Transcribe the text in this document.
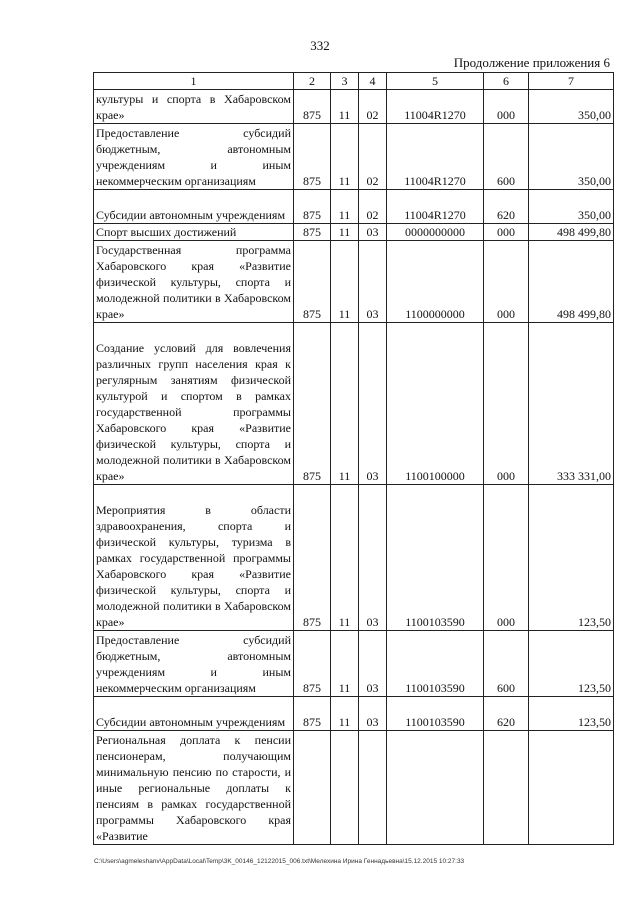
332
Продолжение приложения 6
1	2	3	4	5	6	7
культуры и спорта в Хабаровском крае»	875	11	02	11004R1270	000	350,00
Предоставление субсидий бюджетным, автономным учреждениям и иным некоммерческим организациям	875	11	02	11004R1270	600	350,00
Субсидии автономным учреждениям	875	11	02	11004R1270	620	350,00
Спорт высших достижений	875	11	03	0000000000	000	498 499,80
Государственная программа Хабаровского края «Развитие физической культуры, спорта и молодежной политики в Хабаровском крае»	875	11	03	1100000000	000	498 499,80
Создание условий для вовлечения различных групп населения края к регулярным занятиям физической культурой и спортом в рамках государственной программы Хабаровского края «Развитие физической культуры, спорта и молодежной политики в Хабаровском крае»	875	11	03	1100100000	000	333 331,00
Мероприятия в области здравоохранения, спорта и физической культуры, туризма в рамках государственной программы Хабаровского края «Развитие физической культуры, спорта и молодежной политики в Хабаровском крае»	875	11	03	1100103590	000	123,50
Предоставление субсидий бюджетным, автономным учреждениям и иным некоммерческим организациям	875	11	03	1100103590	600	123,50
Субсидии автономным учреждениям	875	11	03	1100103590	620	123,50
Региональная доплата к пенсии пенсионерам, получающим минимальную пенсию по старости, и иные региональные доплаты к пенсиям в рамках государственной программы Хабаровского края «Развитие						
C:\Users\agmeleshanv\AppData\Local\Temp\3K_00146_12122015_006.txt\Мелехина Ирина Геннадьевна\15.12.2015 10:27:33
